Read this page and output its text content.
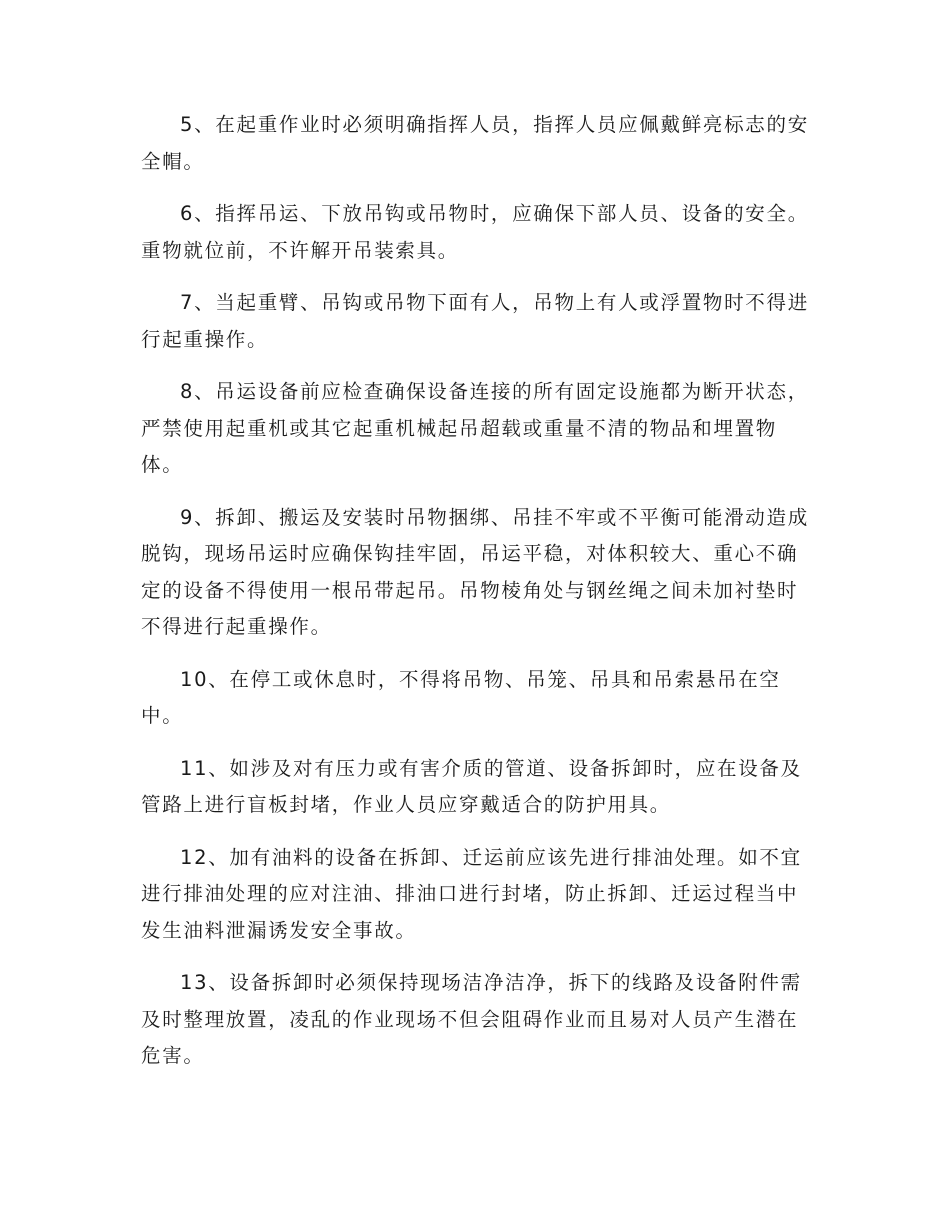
5、在起重作业时必须明确指挥人员，指挥人员应佩戴鲜亮标志的安全帽。

6、指挥吊运、下放吊钩或吊物时，应确保下部人员、设备的安全。重物就位前，不许解开吊装索具。

7、当起重臂、吊钩或吊物下面有人，吊物上有人或浮置物时不得进行起重操作。

8、吊运设备前应检查确保设备连接的所有固定设施都为断开状态，严禁使用起重机或其它起重机械起吊超载或重量不清的物品和埋置物体。

9、拆卸、搬运及安装时吊物捆绑、吊挂不牢或不平衡可能滑动造成脱钩，现场吊运时应确保钩挂牢固，吊运平稳，对体积较大、重心不确定的设备不得使用一根吊带起吊。吊物棱角处与钢丝绳之间未加衬垫时不得进行起重操作。

10、在停工或休息时，不得将吊物、吊笼、吊具和吊索悬吊在空中。

11、如涉及对有压力或有害介质的管道、设备拆卸时，应在设备及管路上进行盲板封堵，作业人员应穿戴适合的防护用具。

12、加有油料的设备在拆卸、迁运前应该先进行排油处理。如不宜进行排油处理的应对注油、排油口进行封堵，防止拆卸、迁运过程当中发生油料泄漏诱发安全事故。

13、设备拆卸时必须保持现场洁净洁净，拆下的线路及设备附件需及时整理放置，凌乱的作业现场不但会阻碍作业而且易对人员产生潜在危害。
